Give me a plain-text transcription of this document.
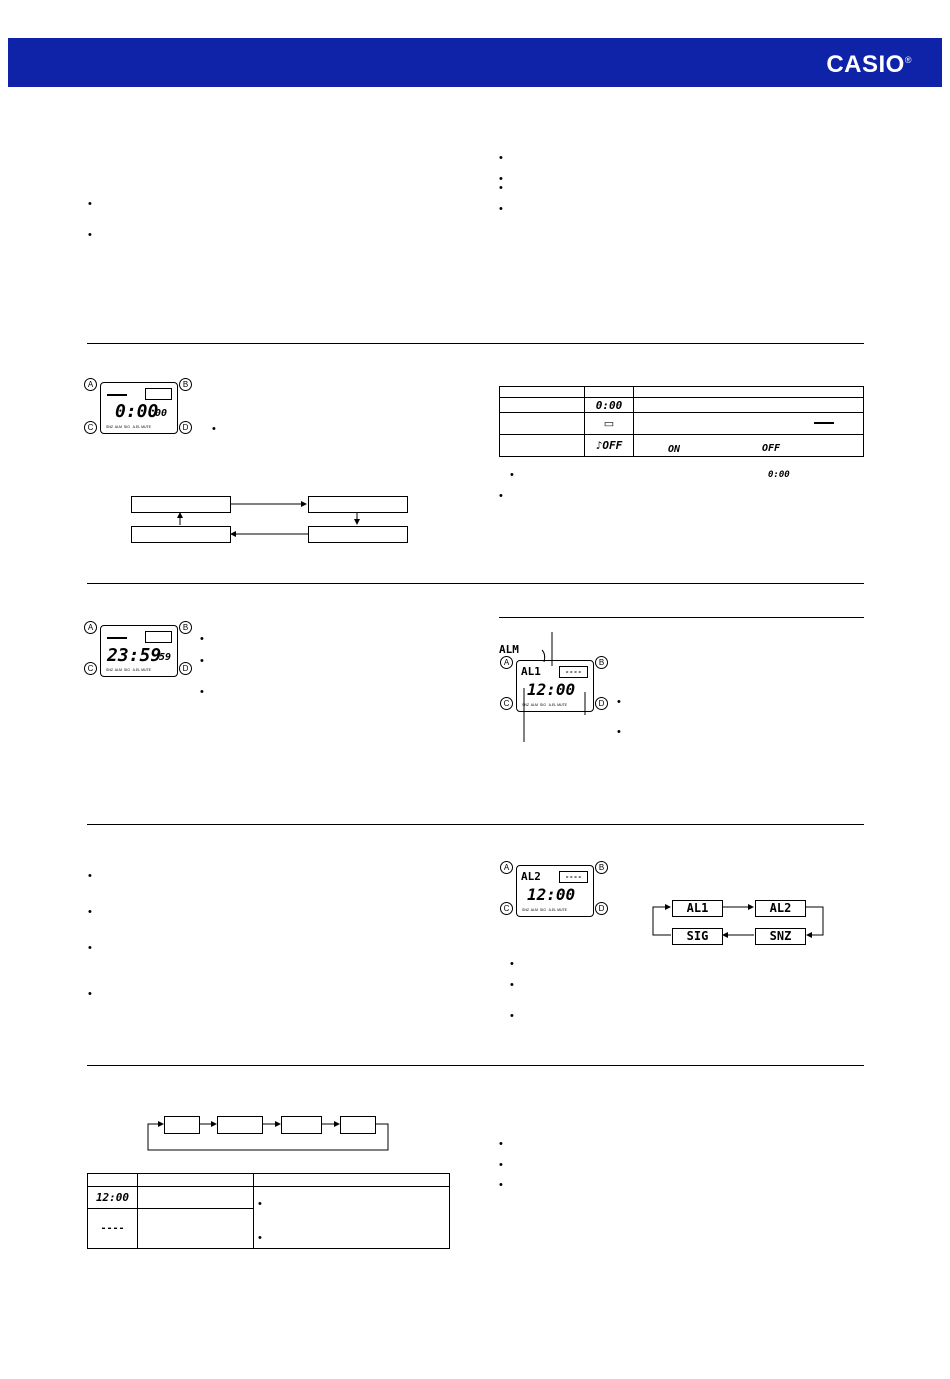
CASIO®
•
•
•
•
•
•
A
C
B
D
0:00
00
SNZ  ALM  SIG   A.EL MUTE	•

	0:00	
	▭	

	♪OFF	ON OFF
•	0:00
•
A
C
B
D
23:59
59
SNZ  ALM  SIG   A.EL MUTE
•
•
•
ALM
A
C
B
D
AL1	----
12:00
SNZ  ALM  SIG   A.EL MUTE	•
•
•
•
•
•
A
C
B
D
AL2	----
12:00
SNZ  ALM  SIG   A.EL MUTE	AL1	AL2
SNZ
SIG
•
•
•

12:00		•
•

----		
•
•
•
